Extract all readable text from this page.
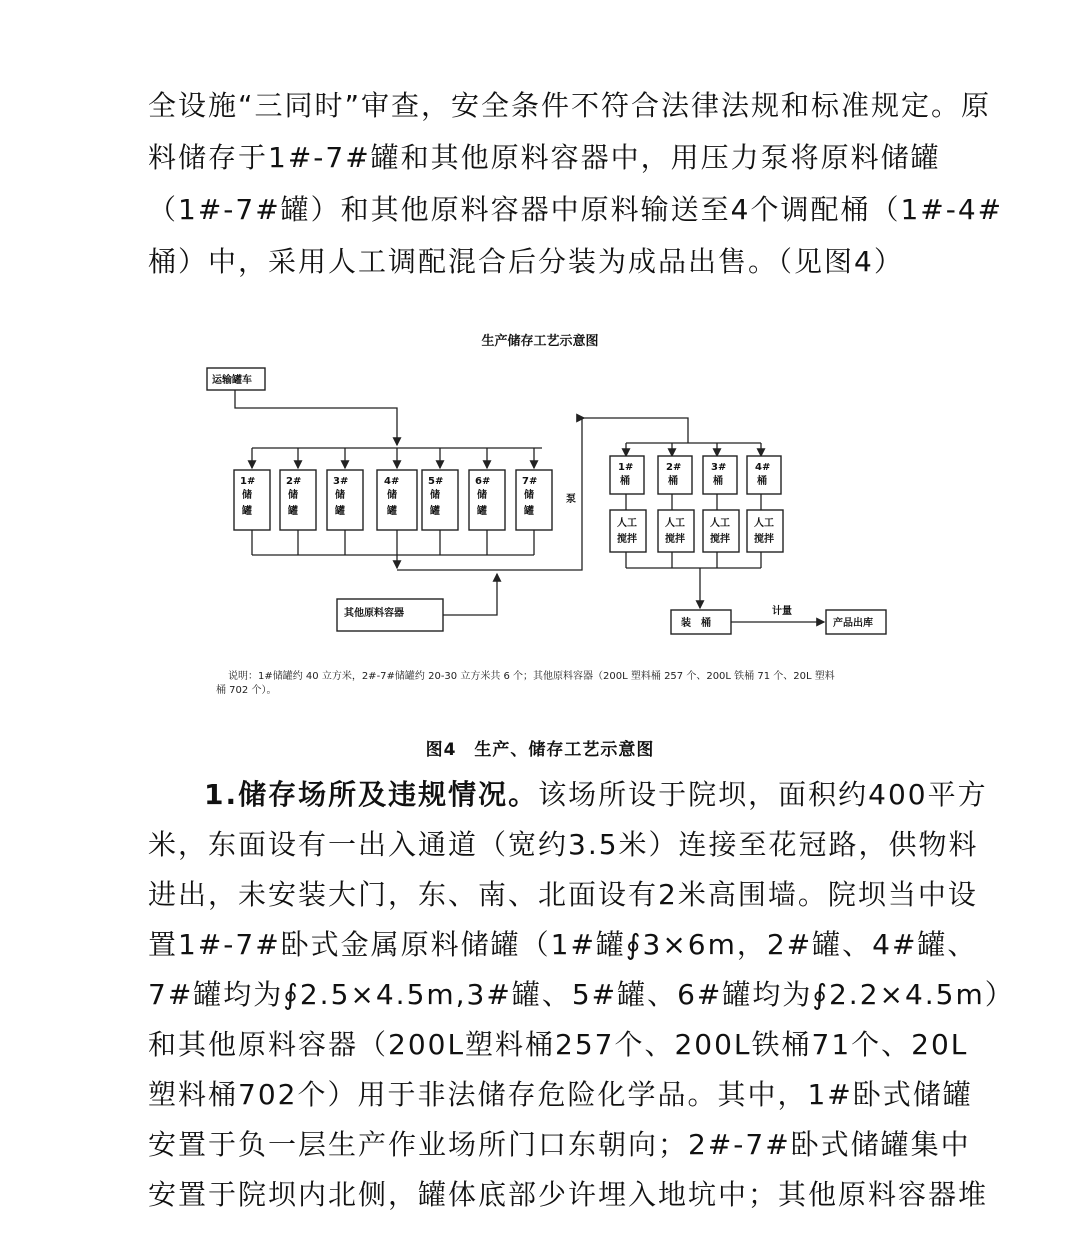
全设施“三同时”审查，安全条件不符合法律法规和标准规定。原
料储存于1#-7#罐和其他原料容器中，用压力泵将原料储罐
（1#-7#罐）和其他原料容器中原料输送至4个调配桶（1#-4#
桶）中，采用人工调配混合后分装为成品出售。（见图4）
生产储存工艺示意图
运输罐车
1#
储
罐
2#
储
罐
3#
储
罐
4#
储
罐
5#
储
罐
6#
储
罐
7#
储
罐
泵
1#
桶
2#
桶
3#
桶
4#
桶
人工
搅拌
人工
搅拌
人工
搅拌
人工
搅拌
其他原料容器
装　桶
计量
产品出库
说明：1#储罐约 40 立方米，2#-7#储罐约 20-30 立方米共 6 个；其他原料容器（200L 塑料桶 257 个、200L 铁桶 71 个、20L 塑料
桶 702 个）。
图4　生产、储存工艺示意图
1.储存场所及违规情况。该场所设于院坝，面积约400平方
米，东面设有一出入通道（宽约3.5米）连接至花冠路，供物料
进出，未安装大门，东、南、北面设有2米高围墙。院坝当中设
置1#-7#卧式金属原料储罐（1#罐∮3×6m，2#罐、4#罐、
7#罐均为∮2.5×4.5m,3#罐、5#罐、6#罐均为∮2.2×4.5m）
和其他原料容器（200L塑料桶257个、200L铁桶71个、20L
塑料桶702个）用于非法储存危险化学品。其中，1#卧式储罐
安置于负一层生产作业场所门口东朝向；2#-7#卧式储罐集中
安置于院坝内北侧，罐体底部少许埋入地坑中；其他原料容器堆
